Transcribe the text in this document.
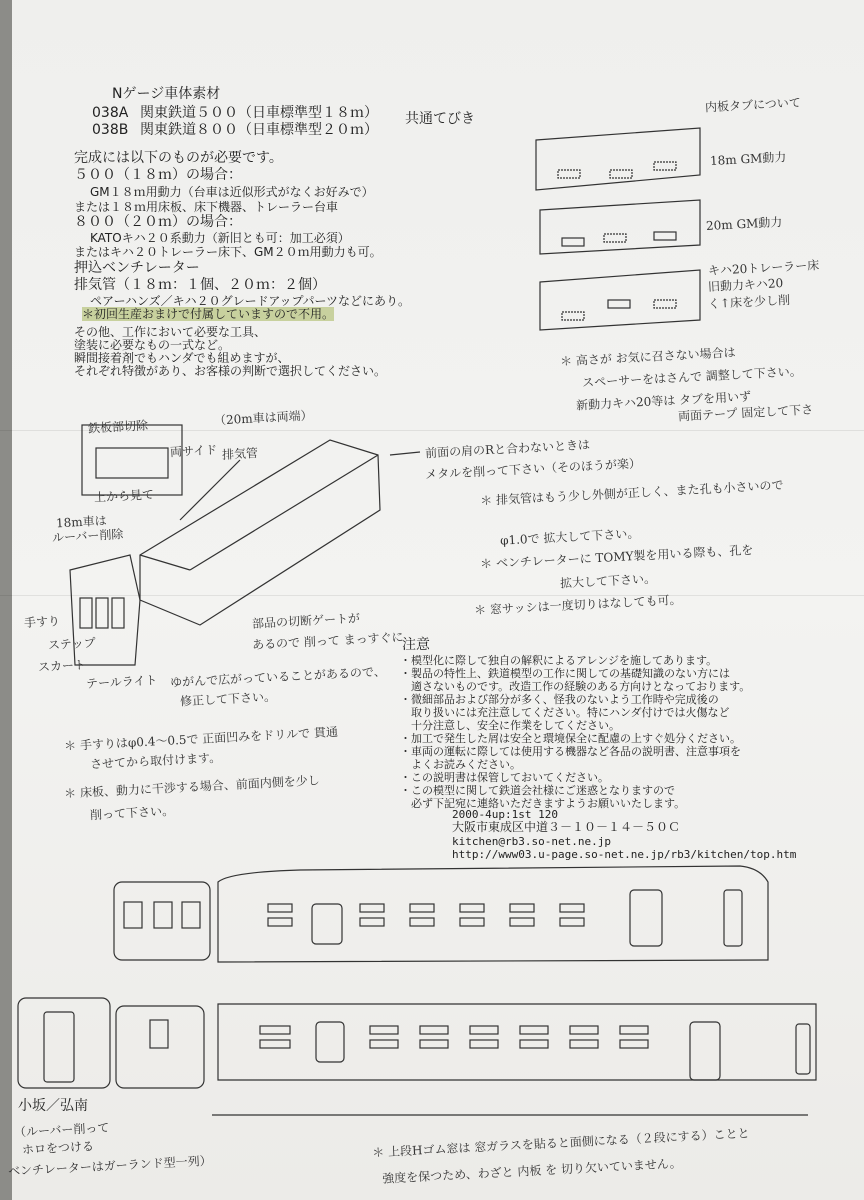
Nゲージ車体素材
038A 関東鉄道５００（日車標準型１８ｍ）
038B 関東鉄道８００（日車標準型２０ｍ）
共通てびき
完成には以下のものが必要です。
５００（１８ｍ）の場合：
GM１８ｍ用動力（台車は近似形式がなくお好みで）
または１８ｍ用床板、床下機器、トレーラー台車
８００（２０ｍ）の場合：
KATOキハ２０系動力（新旧とも可：加工必須）
またはキハ２０トレーラー床下、GM２０ｍ用動力も可。
押込ベンチレーター
排気管（１８ｍ：１個、２０ｍ：２個）
ペアーハンズ／キハ２０グレードアップパーツなどにあり。
＊初回生産おまけで付属していますので不用。
その他、工作において必要な工具、
塗装に必要なもの一式など。
瞬間接着剤でもハンダでも組めますが、
それぞれ特徴があり、お客様の判断で選択してください。
内板タブについて
18m GM動力
20m GM動力
キハ20トレーラー床
旧動力キハ20
く↑床を少し削
＊ 高さが お気に召さない場合は
スペーサーをはさんで 調整して下さい。
新動力キハ20等は タブを用いず
両面テープ 固定して下さ
鉄板部切除
両サイド
上から見て
（20m車は両端）
排気管	前面の肩のRと合わないときは
メタルを削って下さい（そのほうが楽）
18m車は
ルーバー削除
手すり
ステップ
スカート
テールライト
部品の切断ゲートが
あるので 削って まっすぐに
ゆがんで広がっていることがあるので、
修正して下さい。
＊ 排気管はもう少し外側が正しく、また孔も小さいので
φ1.0で 拡大して下さい。
＊ ベンチレーターに TOMY製を用いる際も、孔を
拡大して下さい。
＊ 窓サッシは一度切りはなしても可。
注意
・模型化に際して独自の解釈によるアレンジを施してあります。
・製品の特性上、鉄道模型の工作に関しての基礎知識のない方には
　適さないものです。改造工作の経験のある方向けとなっております。
・微細部品および部分が多く、怪我のないよう工作時や完成後の
　取り扱いには充注意してください。特にハンダ付けでは火傷など
　十分注意し、安全に作業をしてください。
・加工で発生した屑は安全と環境保全に配慮の上すぐ処分ください。
・車両の運転に際しては使用する機器など各品の説明書、注意事項を
　よくお読みください。
・この説明書は保管しておいてください。
・この模型に関して鉄道会社様にご迷惑となりますので
　必ず下記宛に連絡いただきますようお願いいたします。
＊ 手すりはφ0.4〜0.5で 正面凹みをドリルで 貫通
させてから取付けます。
＊ 床板、動力に干渉する場合、前面内側を少し
削って下さい。	2000-4up:1st 120
大阪市東成区中道３－１０－１４－５０Ｃ
kitchen@rb3.so-net.ne.jp
http://www03.u-page.so-net.ne.jp/rb3/kitchen/top.htm
小坂／弘南
（ルーバー削って
ホロをつける
ベンチレーターはガーランド型一列）
＊ 上段Hゴム窓は 窓ガラスを貼ると面側になる（２段にする）ことと
強度を保つため、わざと 内板 を 切り欠いていません。
